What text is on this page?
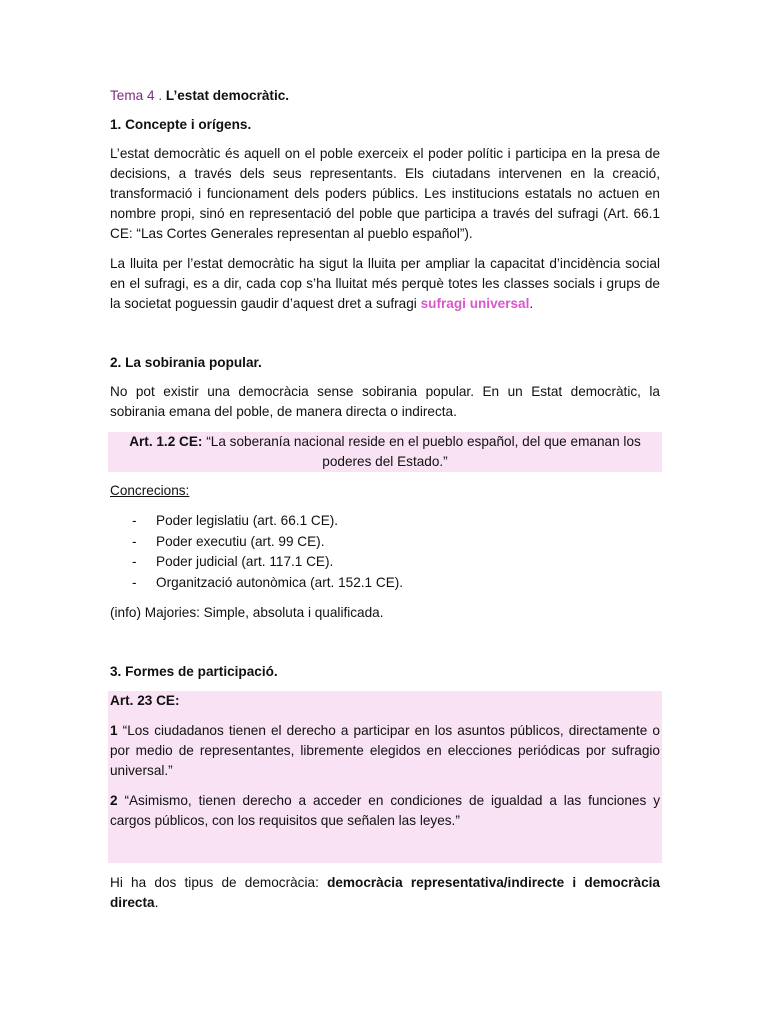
Tema 4 . L’estat democràtic.

1. Concepte i orígens.

L’estat democràtic és aquell on el poble exerceix el poder polític i participa en la presa de decisions, a través dels seus representants. Els ciutadans intervenen en la creació, transformació i funcionament dels poders públics. Les institucions estatals no actuen en nombre propi, sinó en representació del poble que participa a través del sufragi (Art. 66.1 CE: “Las Cortes Generales representan al pueblo español”).

La lluita per l’estat democràtic ha sigut la lluita per ampliar la capacitat d’incidència social en el sufragi, es a dir, cada cop s’ha lluitat més perquè totes les classes socials i grups de la societat poguessin gaudir d’aquest dret a sufragi sufragi universal.

2. La sobirania popular.

No pot existir una democràcia sense sobirania popular. En un Estat democràtic, la sobirania emana del poble, de manera directa o indirecta.

Art. 1.2 CE: “La soberanía nacional reside en el pueblo español, del que emanan los poderes del Estado.”

Concrecions:

- Poder legislatiu (art. 66.1 CE).
- Poder executiu (art. 99 CE).
- Poder judicial (art. 117.1 CE).
- Organització autonòmica (art. 152.1 CE).

(info) Majories: Simple, absoluta i qualificada.

3. Formes de participació.

Art. 23 CE:

1 “Los ciudadanos tienen el derecho a participar en los asuntos públicos, directamente o por medio de representantes, libremente elegidos en elecciones periódicas por sufragio universal.”

2 “Asimismo, tienen derecho a acceder en condiciones de igualdad a las funciones y cargos públicos, con los requisitos que señalen las leyes.”

Hi ha dos tipus de democràcia: democràcia representativa/indirecte i democràcia directa.
